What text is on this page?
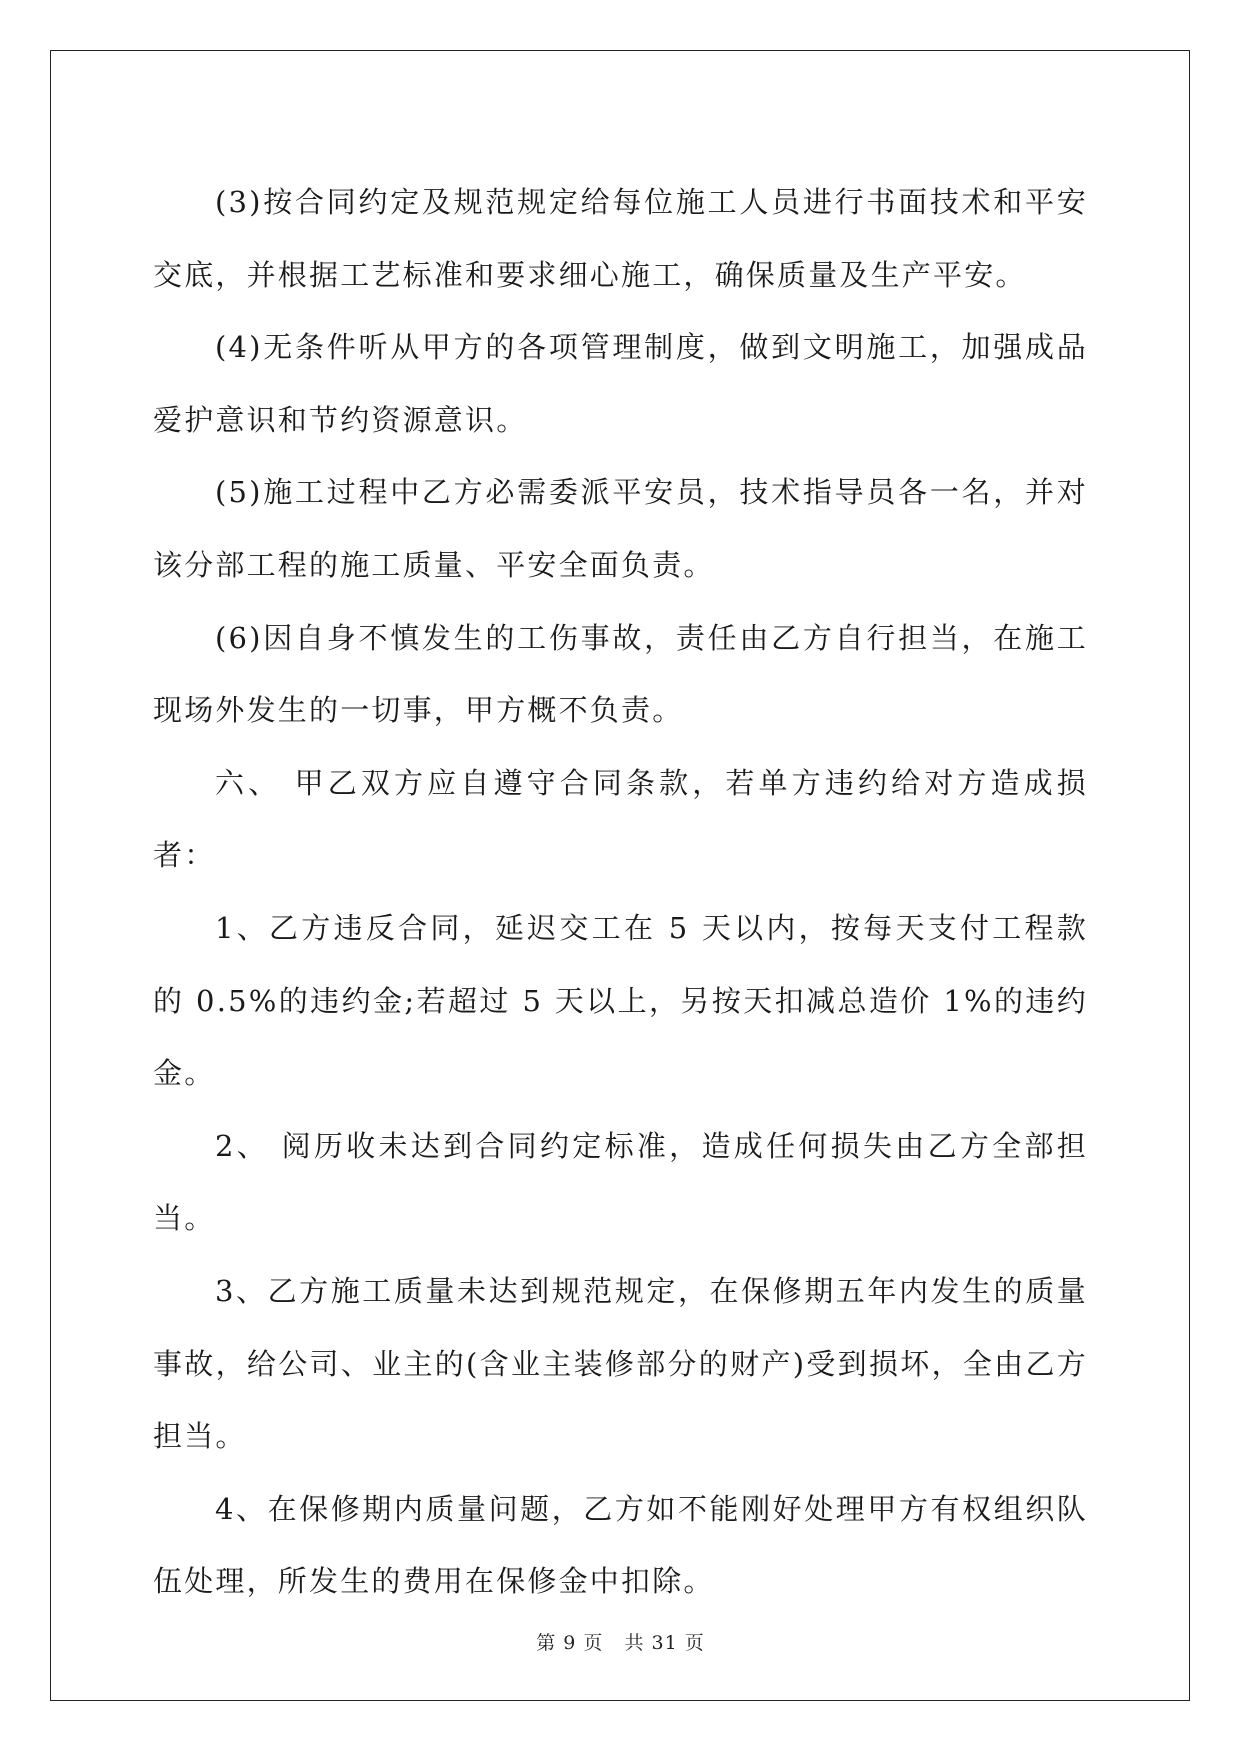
(3)按合同约定及规范规定给每位施工人员进行书面技术和平安交底，并根据工艺标准和要求细心施工，确保质量及生产平安。

(4)无条件听从甲方的各项管理制度，做到文明施工，加强成品爱护意识和节约资源意识。

(5)施工过程中乙方必需委派平安员，技术指导员各一名，并对该分部工程的施工质量、平安全面负责。

(6)因自身不慎发生的工伤事故，责任由乙方自行担当，在施工现场外发生的一切事，甲方概不负责。

六、 甲乙双方应自遵守合同条款，若单方违约给对方造成损者：

1、乙方违反合同，延迟交工在 5 天以内，按每天支付工程款的 0.5%的违约金;若超过 5 天以上，另按天扣减总造价 1%的违约金。

2、 阅历收未达到合同约定标准，造成任何损失由乙方全部担当。

3、乙方施工质量未达到规范规定，在保修期五年内发生的质量事故，给公司、业主的(含业主装修部分的财产)受到损坏，全由乙方担当。

4、在保修期内质量问题，乙方如不能刚好处理甲方有权组织队伍处理，所发生的费用在保修金中扣除。

第 9 页 共 31 页
